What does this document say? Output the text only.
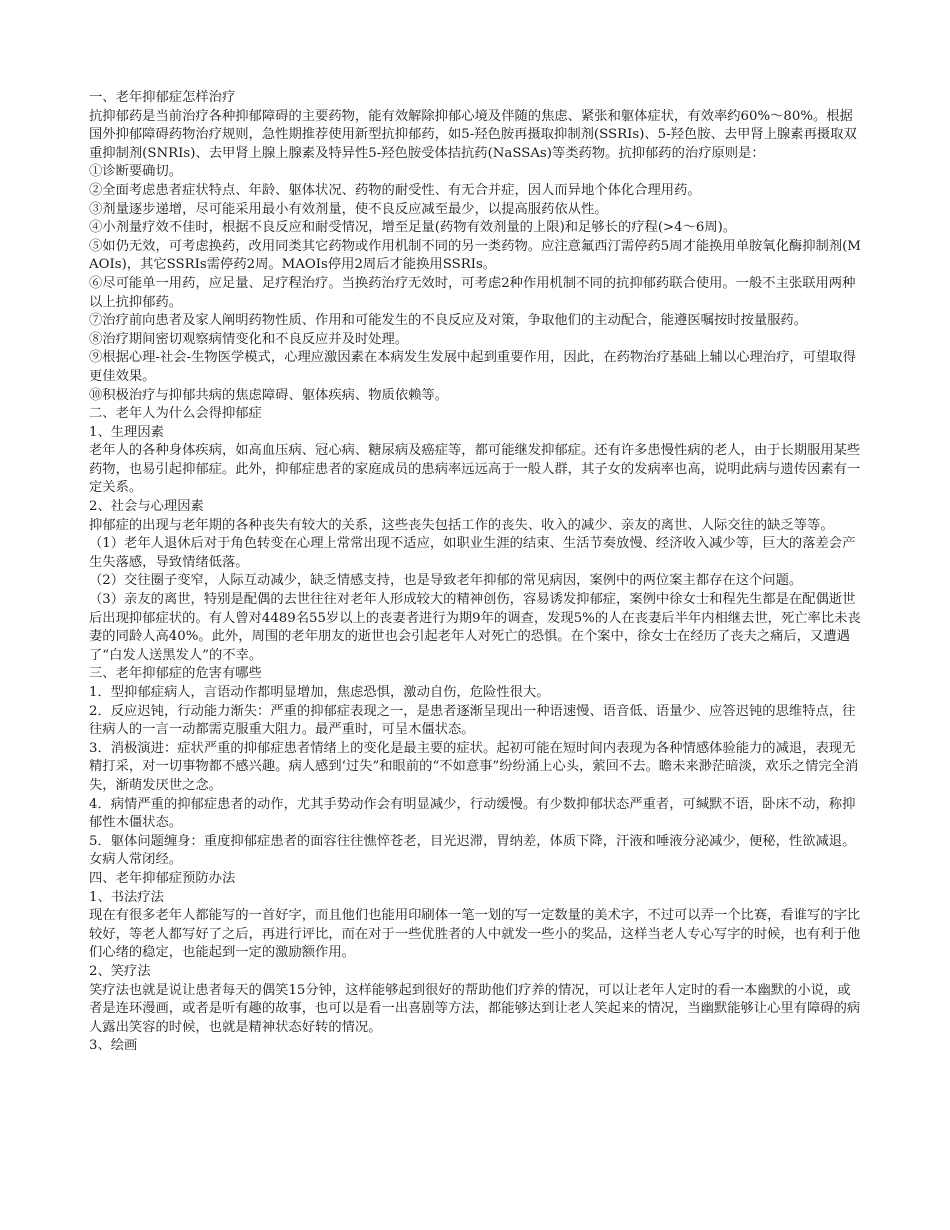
一、老年抑郁症怎样治疗

抗抑郁药是当前治疗各种抑郁障碍的主要药物，能有效解除抑郁心境及伴随的焦虑、紧张和躯体症状，有效率约60%～80%。根据国外抑郁障碍药物治疗规则，急性期推荐使用新型抗抑郁药，如5-羟色胺再摄取抑制剂(SSRIs)、5-羟色胺、去甲肾上腺素再摄取双重抑制剂(SNRIs)、去甲肾上腺上腺素及特异性5-羟色胺受体拮抗药(NaSSAs)等类药物。抗抑郁药的治疗原则是：

①诊断要确切。

②全面考虑患者症状特点、年龄、躯体状况、药物的耐受性、有无合并症，因人而异地个体化合理用药。

③剂量逐步递增，尽可能采用最小有效剂量，使不良反应减至最少，以提高服药依从性。

④小剂量疗效不佳时，根据不良反应和耐受情况，增至足量(药物有效剂量的上限)和足够长的疗程(>4～6周)。

⑤如仍无效，可考虑换药，改用同类其它药物或作用机制不同的另一类药物。应注意氟西汀需停药5周才能换用单胺氧化酶抑制剂(MAOIs)，其它SSRIs需停药2周。MAOIs停用2周后才能换用SSRIs。

⑥尽可能单一用药，应足量、足疗程治疗。当换药治疗无效时，可考虑2种作用机制不同的抗抑郁药联合使用。一般不主张联用两种以上抗抑郁药。

⑦治疗前向患者及家人阐明药物性质、作用和可能发生的不良反应及对策，争取他们的主动配合，能遵医嘱按时按量服药。

⑧治疗期间密切观察病情变化和不良反应并及时处理。

⑨根据心理-社会-生物医学模式，心理应激因素在本病发生发展中起到重要作用，因此，在药物治疗基础上辅以心理治疗，可望取得更佳效果。

⑩积极治疗与抑郁共病的焦虑障碍、躯体疾病、物质依赖等。

二、老年人为什么会得抑郁症

1、生理因素

老年人的各种身体疾病，如高血压病、冠心病、糖尿病及癌症等，都可能继发抑郁症。还有许多患慢性病的老人，由于长期服用某些药物，也易引起抑郁症。此外，抑郁症患者的家庭成员的患病率远远高于一般人群，其子女的发病率也高，说明此病与遗传因素有一定关系。

2、社会与心理因素

抑郁症的出现与老年期的各种丧失有较大的关系，这些丧失包括工作的丧失、收入的减少、亲友的离世、人际交往的缺乏等等。

（1）老年人退休后对于角色转变在心理上常常出现不适应，如职业生涯的结束、生活节奏放慢、经济收入减少等，巨大的落差会产生失落感，导致情绪低落。

（2）交往圈子变窄，人际互动减少，缺乏情感支持，也是导致老年抑郁的常见病因，案例中的两位案主都存在这个问题。

（3）亲友的离世，特别是配偶的去世往往对老年人形成较大的精神创伤，容易诱发抑郁症，案例中徐女士和程先生都是在配偶逝世后出现抑郁症状的。有人曾对4489名55岁以上的丧妻者进行为期9年的调查，发现5%的人在丧妻后半年内相继去世，死亡率比未丧妻的同龄人高40%。此外，周围的老年朋友的逝世也会引起老年人对死亡的恐惧。在个案中，徐女士在经历了丧夫之痛后，又遭遇了“白发人送黑发人”的不幸。

三、老年抑郁症的危害有哪些

1．型抑郁症病人，言语动作都明显增加，焦虑恐惧，激动自伤，危险性很大。

2．反应迟钝，行动能力渐失：严重的抑郁症表现之一，是患者逐渐呈现出一种语速慢、语音低、语量少、应答迟钝的思维特点，往往病人的一言一动都需克服重大阻力。最严重时，可呈木僵状态。

3．消极演进：症状严重的抑郁症患者情绪上的变化是最主要的症状。起初可能在短时间内表现为各种情感体验能力的减退，表现无精打采，对一切事物都不感兴趣。病人感到‘过失”和眼前的“不如意事”纷纷涌上心头，萦回不去。瞻未来渺茫暗淡，欢乐之情完全消失，渐萌发厌世之念。

4．病情严重的抑郁症患者的动作，尤其手势动作会有明显减少，行动缓慢。有少数抑郁状态严重者，可缄默不语，卧床不动，称抑郁性木僵状态。

5．躯体问题缠身：重度抑郁症患者的面容往往憔悴苍老，目光迟滞，胃纳差，体质下降，汗液和唾液分泌减少，便秘，性欲减退。女病人常闭经。

四、老年抑郁症预防办法

1、书法疗法

现在有很多老年人都能写的一首好字，而且他们也能用印刷体一笔一划的写一定数量的美术字，不过可以弄一个比赛，看谁写的字比较好，等老人都写好了之后，再进行评比，而在对于一些优胜者的人中就发一些小的奖品，这样当老人专心写字的时候，也有利于他们心绪的稳定，也能起到一定的激励额作用。

2、笑疗法

笑疗法也就是说让患者每天的偶笑15分钟，这样能够起到很好的帮助他们疗养的情况，可以让老年人定时的看一本幽默的小说，或者是连环漫画，或者是听有趣的故事，也可以是看一出喜剧等方法，都能够达到让老人笑起来的情况，当幽默能够让心里有障碍的病人露出笑容的时候，也就是精神状态好转的情况。

3、绘画
